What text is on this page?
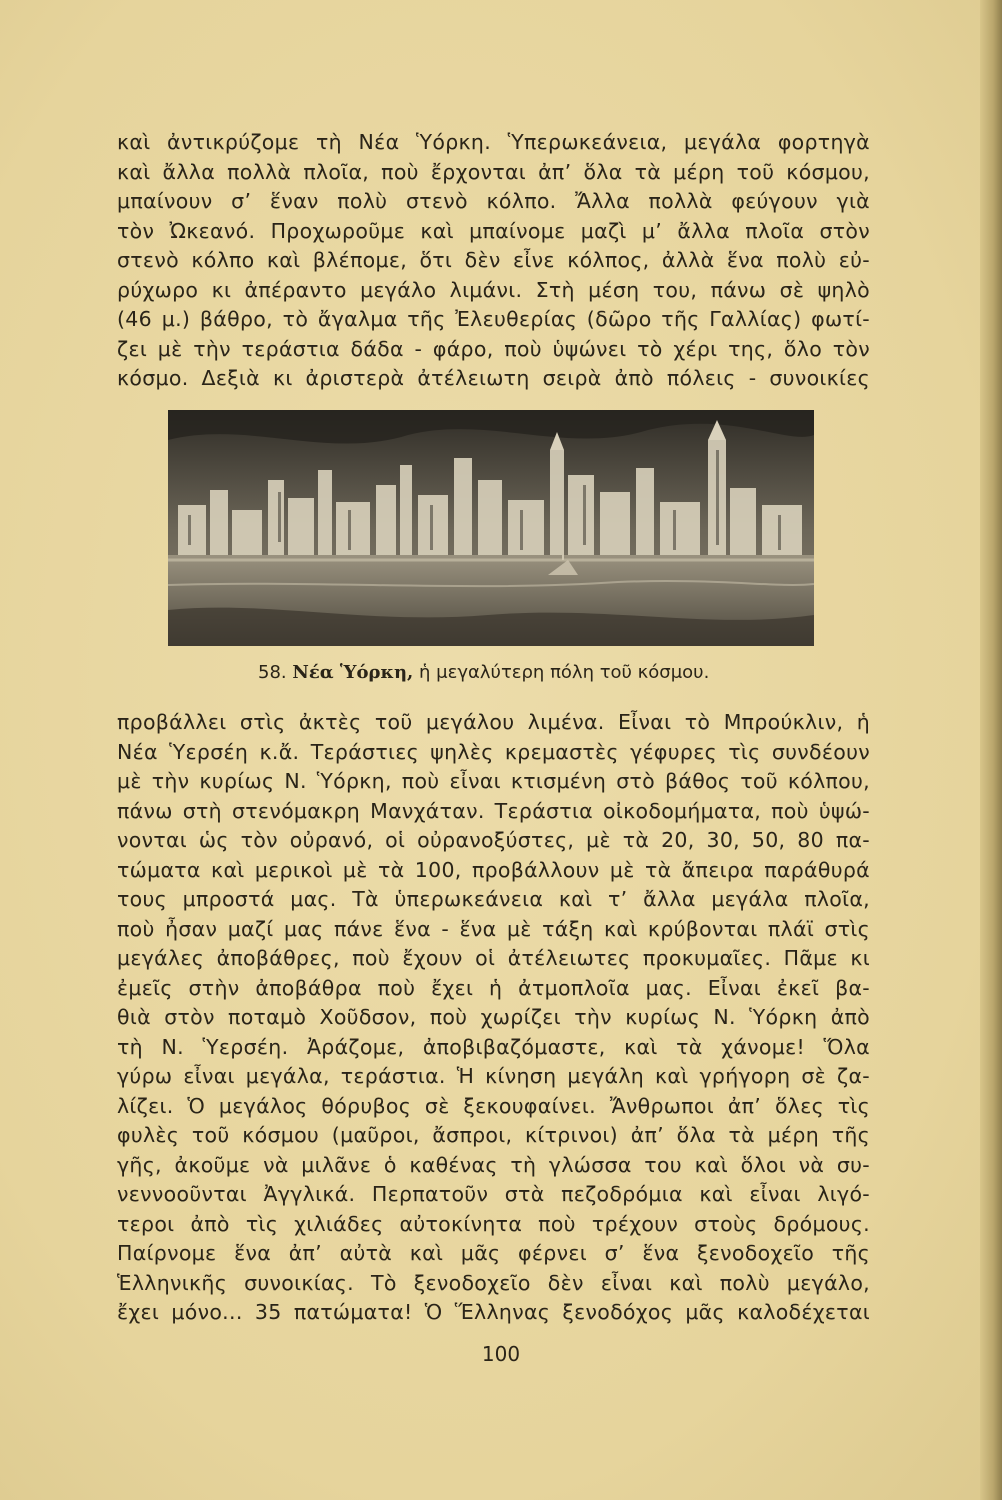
καὶ ἀντικρύζομε τὴ Νέα Ὑόρκη. Ὑπερωκεάνεια, μεγάλα φορτηγὰ
καὶ ἄλλα πολλὰ πλοῖα, ποὺ ἔρχονται ἀπ’ ὅλα τὰ μέρη τοῦ κόσμου,
μπαίνουν σ’ ἕναν πολὺ στενὸ κόλπο. Ἄλλα πολλὰ φεύγουν γιὰ
τὸν Ὠκεανό. Προχωροῦμε καὶ μπαίνομε μαζὶ μ’ ἄλλα πλοῖα στὸν
στενὸ κόλπο καὶ βλέπομε, ὅτι δὲν εἶνε κόλπος, ἀλλὰ ἕνα πολὺ εὐ-
ρύχωρο κι ἀπέραντο μεγάλο λιμάνι. Στὴ μέση του, πάνω σὲ ψηλὸ
(46 μ.) βάθρο, τὸ ἄγαλμα τῆς Ἐλευθερίας (δῶρο τῆς Γαλλίας) φωτί-
ζει μὲ τὴν τεράστια δάδα - φάρο, ποὺ ὑψώνει τὸ χέρι της, ὅλο τὸν
κόσμο. Δεξιὰ κι ἀριστερὰ ἀτέλειωτη σειρὰ ἀπὸ πόλεις - συνοικίες
58. Νέα Ὑόρκη, ἡ μεγαλύτερη πόλη τοῦ κόσμου.
προβάλλει στὶς ἀκτὲς τοῦ μεγάλου λιμένα. Εἶναι τὸ Μπρούκλιν, ἡ
Νέα Ὑερσέη κ.ἄ. Τεράστιες ψηλὲς κρεμαστὲς γέφυρες τὶς συνδέουν
μὲ τὴν κυρίως Ν. Ὑόρκη, ποὺ εἶναι κτισμένη στὸ βάθος τοῦ κόλπου,
πάνω στὴ στενόμακρη Μανχάταν. Τεράστια οἰκοδομήματα, ποὺ ὑψώ-
νονται ὡς τὸν οὐρανό, οἱ οὐρανοξύστες, μὲ τὰ 20, 30, 50, 80 πα-
τώματα καὶ μερικοὶ μὲ τὰ 100, προβάλλουν μὲ τὰ ἄπειρα παράθυρά
τους μπροστά μας. Τὰ ὑπερωκεάνεια καὶ τ’ ἄλλα μεγάλα πλοῖα,
ποὺ ἦσαν μαζί μας πάνε ἕνα - ἕνα μὲ τάξη καὶ κρύβονται πλάϊ στὶς
μεγάλες ἀποβάθρες, ποὺ ἔχουν οἱ ἀτέλειωτες προκυμαῖες. Πᾶμε κι
ἐμεῖς στὴν ἀποβάθρα ποὺ ἔχει ἡ ἀτμοπλοῖα μας. Εἶναι ἐκεῖ βα-
θιὰ στὸν ποταμὸ Χοῦδσον, ποὺ χωρίζει τὴν κυρίως Ν. Ὑόρκη ἀπὸ
τὴ Ν. Ὑερσέη. Ἀράζομε, ἀποβιβαζόμαστε, καὶ τὰ χάνομε! Ὅλα
γύρω εἶναι μεγάλα, τεράστια. Ἡ κίνηση μεγάλη καὶ γρήγορη σὲ ζα-
λίζει. Ὁ μεγάλος θόρυβος σὲ ξεκουφαίνει. Ἄνθρωποι ἀπ’ ὅλες τὶς
φυλὲς τοῦ κόσμου (μαῦροι, ἄσπροι, κίτρινοι) ἀπ’ ὅλα τὰ μέρη τῆς
γῆς, ἀκοῦμε νὰ μιλᾶνε ὁ καθένας τὴ γλώσσα του καὶ ὅλοι νὰ συ-
νεννοοῦνται Ἀγγλικά. Περπατοῦν στὰ πεζοδρόμια καὶ εἶναι λιγό-
τεροι ἀπὸ τὶς χιλιάδες αὐτοκίνητα ποὺ τρέχουν στοὺς δρόμους.
Παίρνομε ἕνα ἀπ’ αὐτὰ καὶ μᾶς φέρνει σ’ ἕνα ξενοδοχεῖο τῆς
Ἑλληνικῆς συνοικίας. Τὸ ξενοδοχεῖο δὲν εἶναι καὶ πολὺ μεγάλο,
ἔχει μόνο... 35 πατώματα! Ὁ Ἕλληνας ξενοδόχος μᾶς καλοδέχεται
100
